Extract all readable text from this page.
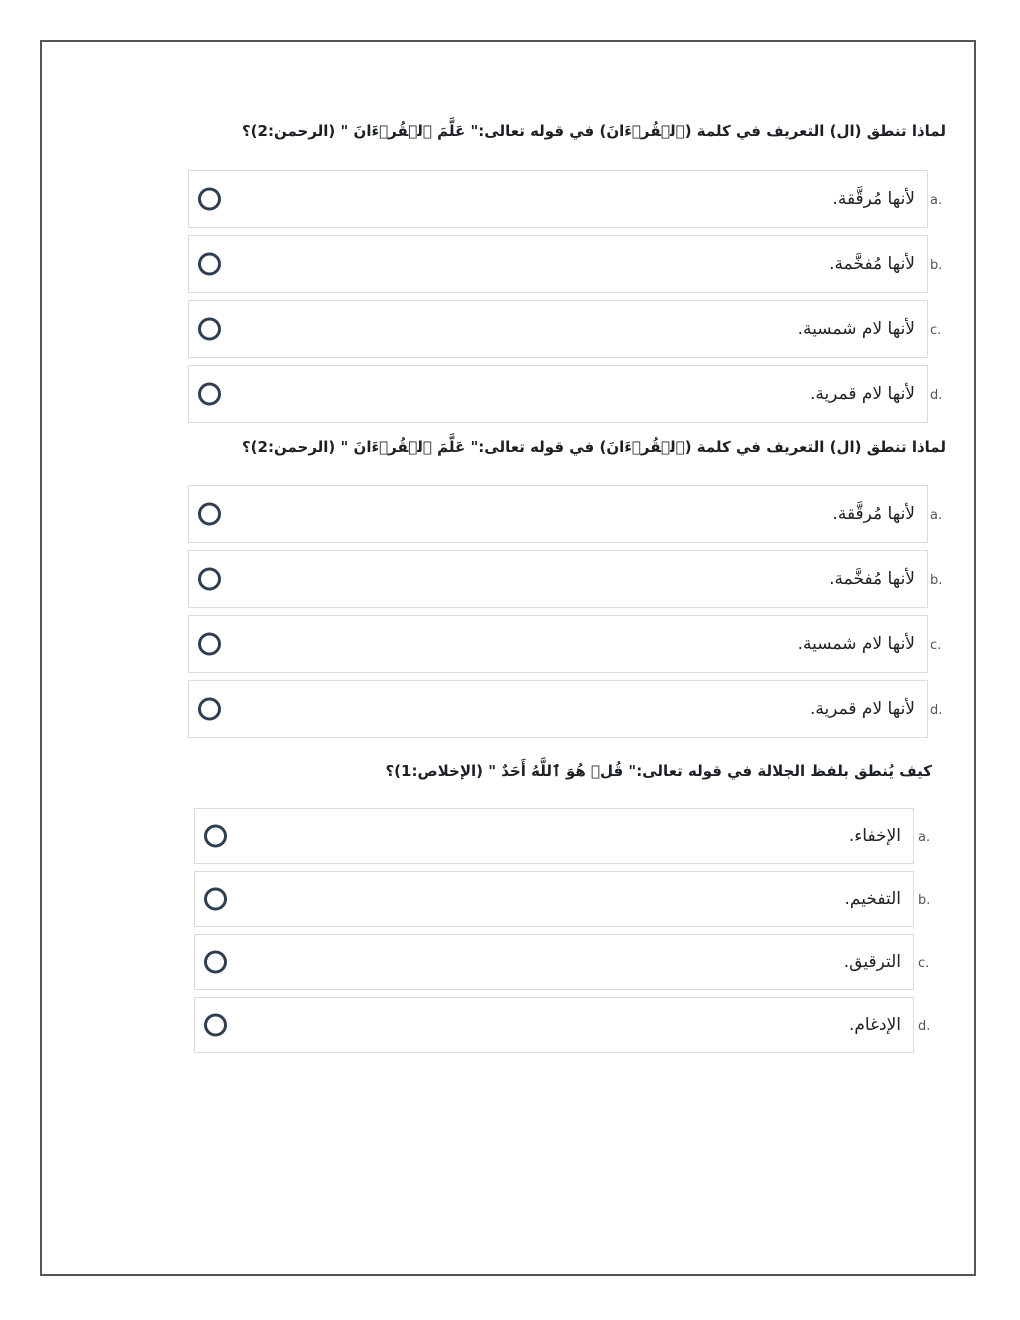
لماذا تنطق (ال) التعريف في كلمة (ٱلۡقُرۡءَانَ) في قوله تعالى:" عَلَّمَ ٱلۡقُرۡءَانَ " (الرحمن:2)؟
لأنها مُرقَّقة. a.
لأنها مُفخَّمة. b.
لأنها لام شمسية. c.
لأنها لام قمرية. d.
لماذا تنطق (ال) التعريف في كلمة (ٱلۡقُرۡءَانَ) في قوله تعالى:" عَلَّمَ ٱلۡقُرۡءَانَ " (الرحمن:2)؟
لأنها مُرقَّقة. a.
لأنها مُفخَّمة. b.
لأنها لام شمسية. c.
لأنها لام قمرية. d.
كيف يُنطق بلفظ الجلالة في قوله تعالى:" قُلۡ هُوَ ٱللَّهُ أَحَدٌ " (الإخلاص:1)؟
الإخفاء. a.
التفخيم. b.
الترقيق. c.
الإدغام. d.
